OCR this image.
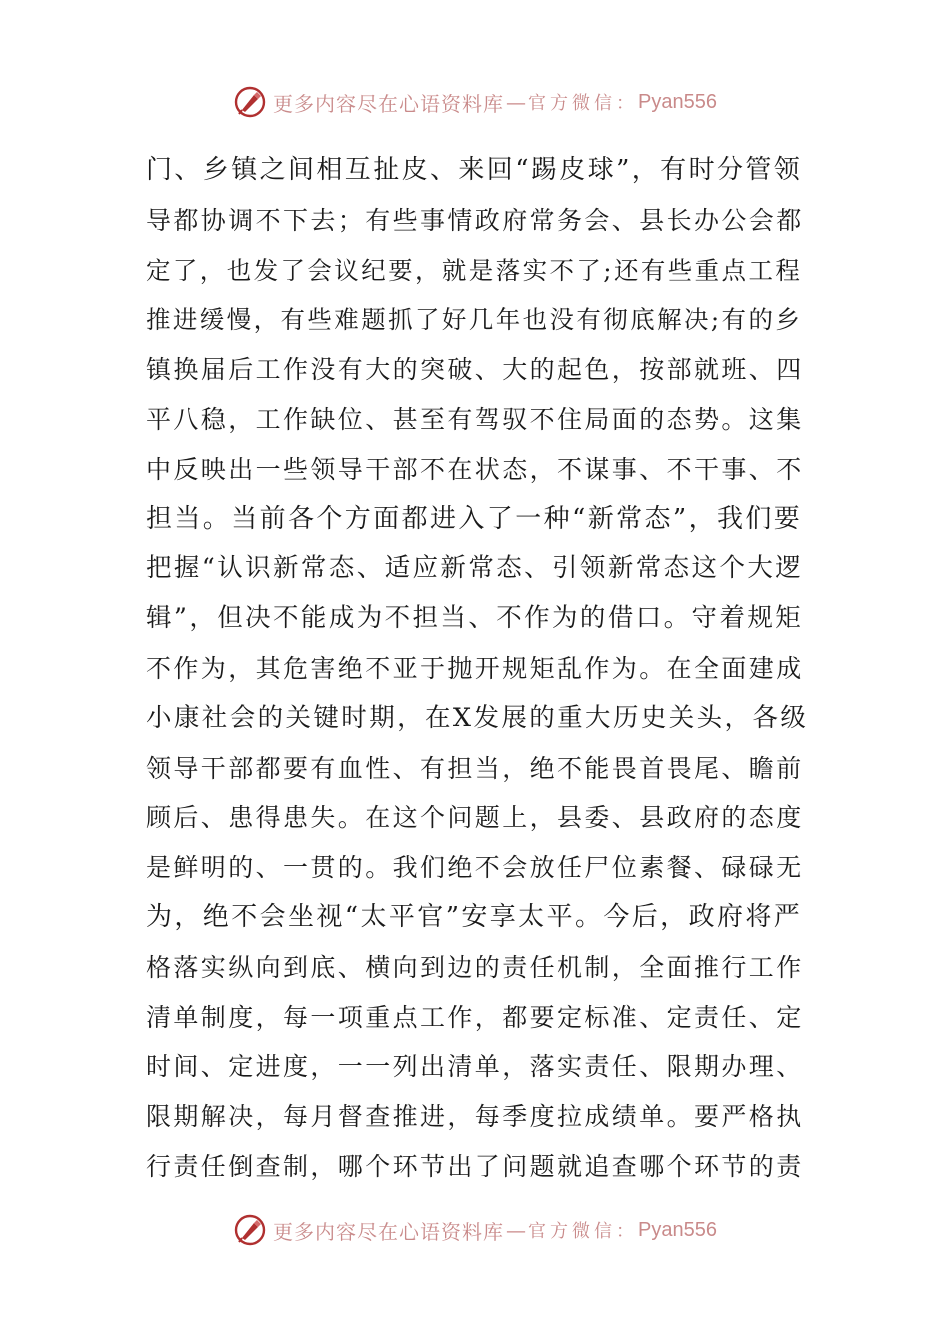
更多内容尽在心语资料库 — 官方微信： Pyan556
门、乡镇之间相互扯皮、来回“踢皮球”，有时分管领
导都协调不下去；有些事情政府常务会、县长办公会都
定了，也发了会议纪要，就是落实不了;还有些重点工程
推进缓慢，有些难题抓了好几年也没有彻底解决;有的乡
镇换届后工作没有大的突破、大的起色，按部就班、四
平八稳，工作缺位、甚至有驾驭不住局面的态势。这集
中反映出一些领导干部不在状态，不谋事、不干事、不
担当。当前各个方面都进入了一种“新常态”，我们要
把握“认识新常态、适应新常态、引领新常态这个大逻
辑”，但决不能成为不担当、不作为的借口。守着规矩
不作为，其危害绝不亚于抛开规矩乱作为。在全面建成
小康社会的关键时期，在X发展的重大历史关头，各级
领导干部都要有血性、有担当，绝不能畏首畏尾、瞻前
顾后、患得患失。在这个问题上，县委、县政府的态度
是鲜明的、一贯的。我们绝不会放任尸位素餐、碌碌无
为，绝不会坐视“太平官”安享太平。今后，政府将严
格落实纵向到底、横向到边的责任机制，全面推行工作
清单制度，每一项重点工作，都要定标准、定责任、定
时间、定进度，一一列出清单，落实责任、限期办理、
限期解决，每月督查推进，每季度拉成绩单。要严格执
行责任倒查制，哪个环节出了问题就追查哪个环节的责
更多内容尽在心语资料库 — 官方微信： Pyan556
